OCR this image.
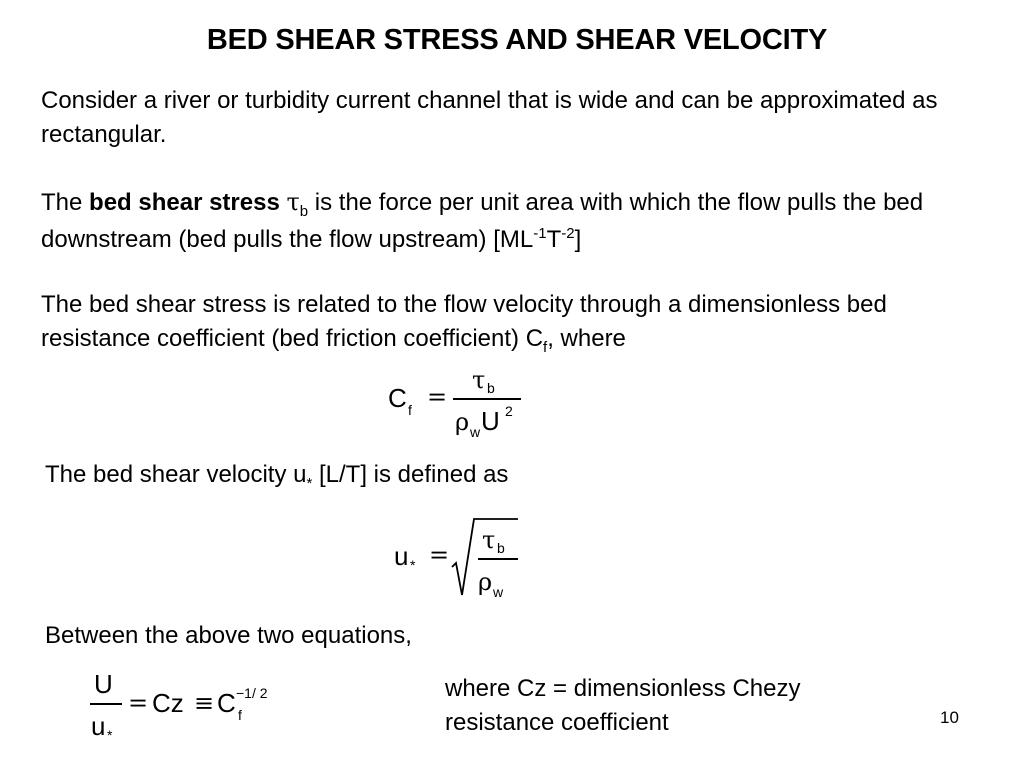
BED SHEAR STRESS AND SHEAR VELOCITY
Consider a river or turbidity current channel that is wide and can be approximated as rectangular.
The bed shear stress $\tau_b$ is the force per unit area with which the flow pulls the bed downstream (bed pulls the flow upstream) $[ML^{-1}T^{-2}]$
The bed shear stress is related to the flow velocity through a dimensionless bed resistance coefficient (bed friction coefficient) $C_f$, where
C f =
τ b
ρ w U 2
The bed shear velocity $u_*$ [L/T] is defined as
u * =
τ b
ρ w
Between the above two equations,
U
u *
= Cz ≡ C −1/ 2
f
where Cz = dimensionless Chezy resistance coefficient	10
